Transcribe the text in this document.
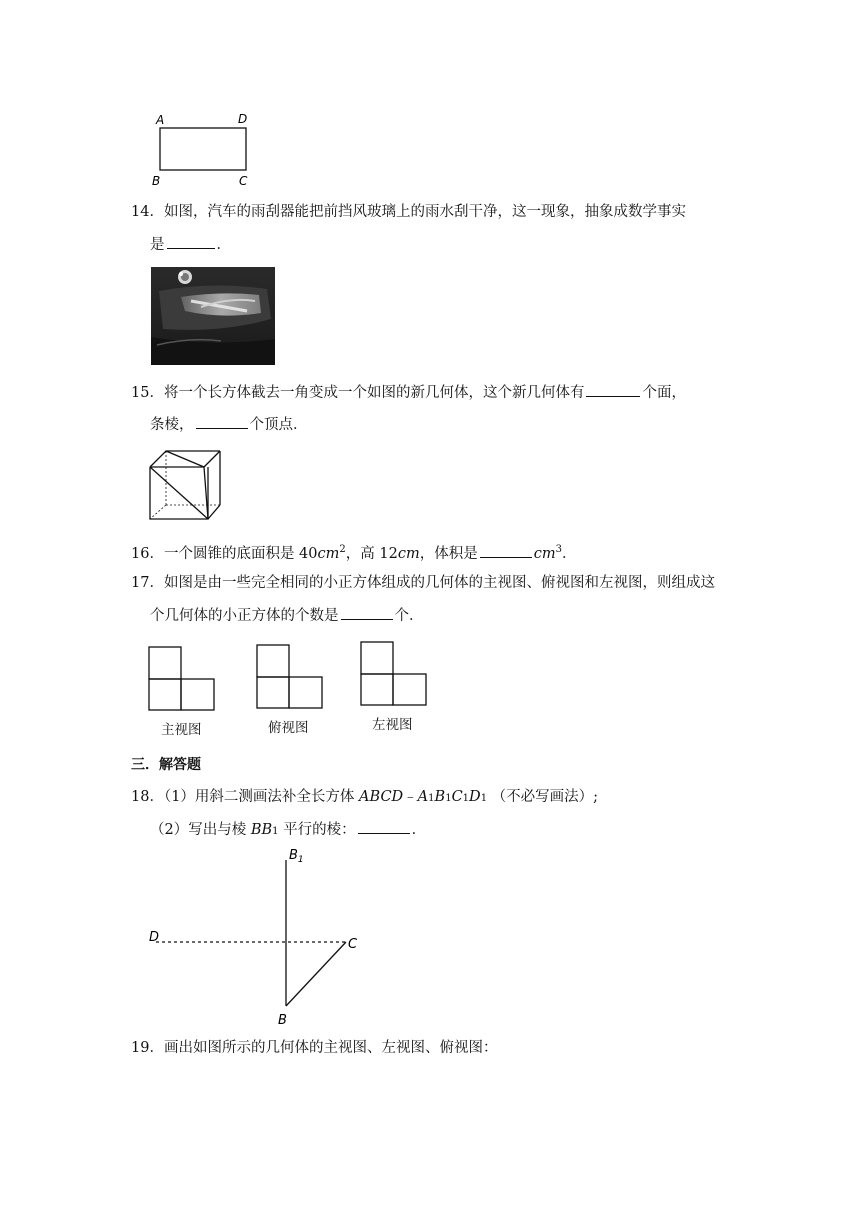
A	D
B	C
14．如图，汽车的雨刮器能把前挡风玻璃上的雨水刮干净，这一现象，抽象成数学事实
是	．
15．将一个长方体截去一角变成一个如图的新几何体，这个新几何体有	个面，
条棱，	个顶点．
16．一个圆锥的底面积是 $40cm^2$，高 12cm，体积是	$cm^3$．
17．如图是由一些完全相同的小正方体组成的几何体的主视图、俯视图和左视图，则组成这
个几何体的小正方体的个数是	个．
主视图	俯视图	左视图
三．解答题
18．（1）用斜二测画法补全长方体 ABCD﹣A1B1C1D1 （不必写画法）;
（2）写出与棱 BB1 平行的棱：	．
$B_1$
D	C
B
19．画出如图所示的几何体的主视图、左视图、俯视图：
